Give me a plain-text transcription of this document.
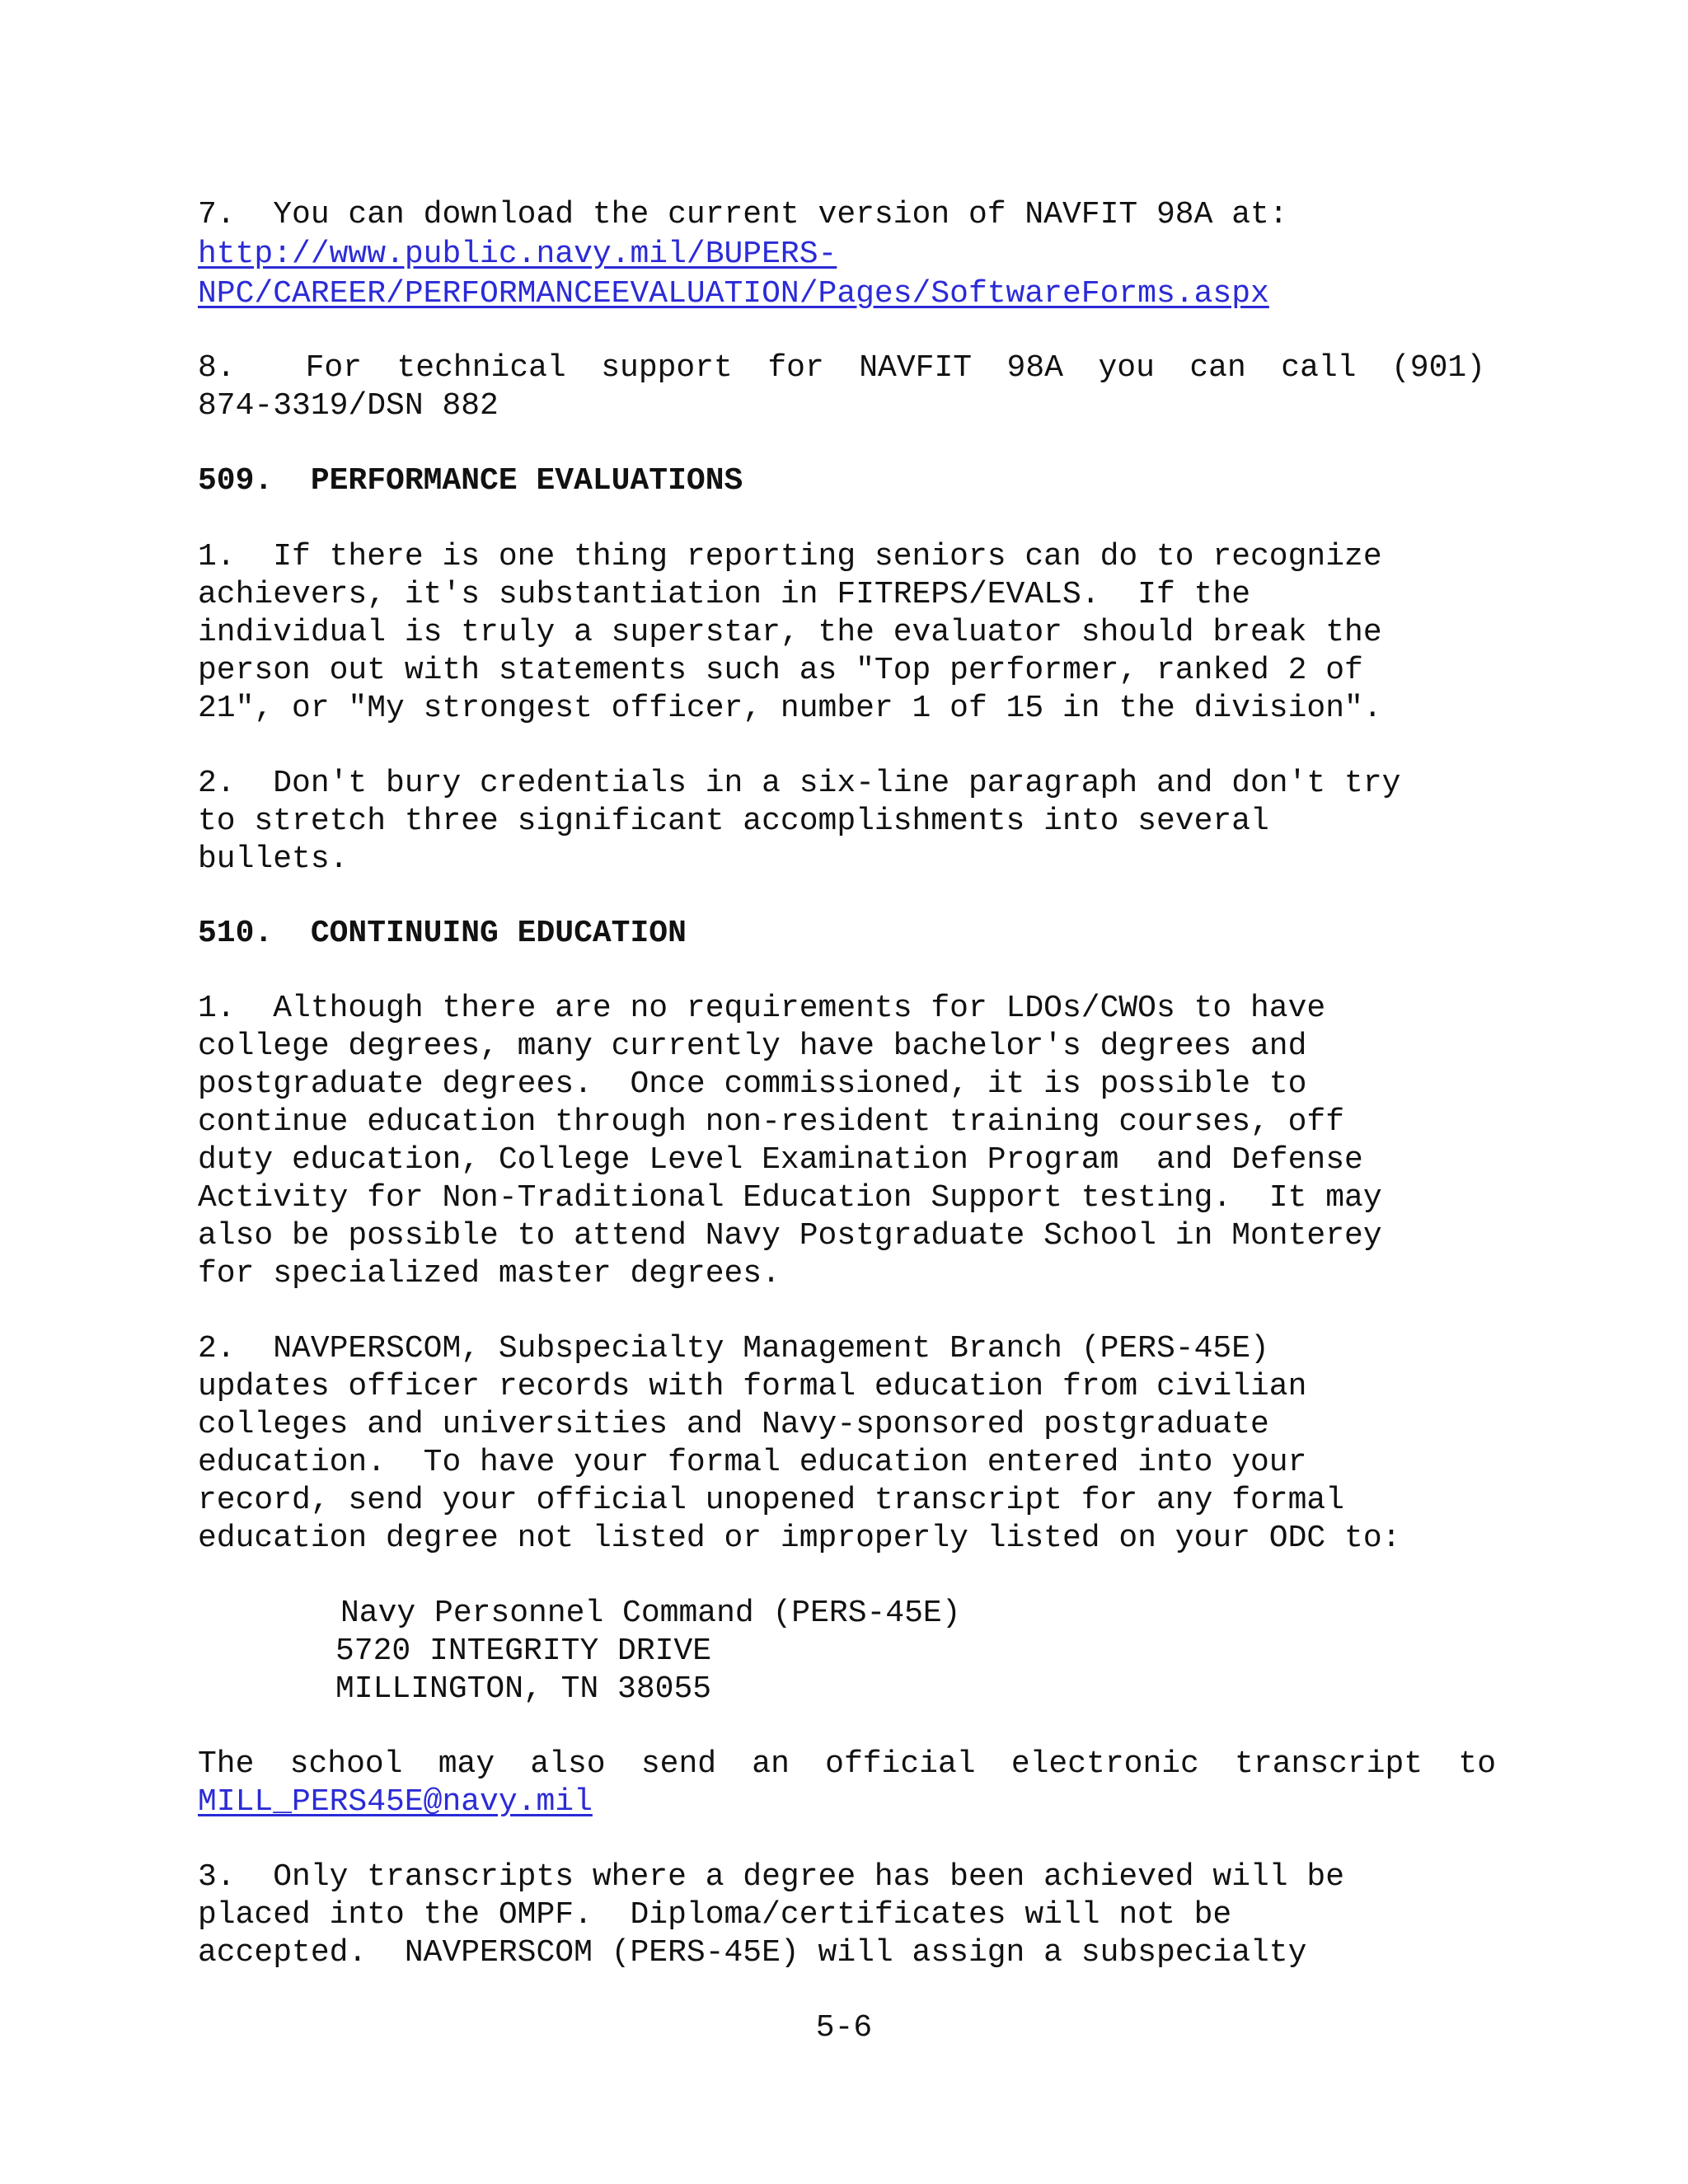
7.  You can download the current version of NAVFIT 98A at:

http://www.public.navy.mil/BUPERS-
NPC/CAREER/PERFORMANCEEVALUATION/Pages/SoftwareForms.aspx

8.  For technical support for NAVFIT 98A you can call (901)

874-3319/DSN 882

509.  PERFORMANCE EVALUATIONS

1.  If there is one thing reporting seniors can do to recognize

achievers, it's substantiation in FITREPS/EVALS.  If the

individual is truly a superstar, the evaluator should break the

person out with statements such as "Top performer, ranked 2 of

21", or "My strongest officer, number 1 of 15 in the division".

2.  Don't bury credentials in a six-line paragraph and don't try

to stretch three significant accomplishments into several

bullets.

510.  CONTINUING EDUCATION

1.  Although there are no requirements for LDOs/CWOs to have

college degrees, many currently have bachelor's degrees and

postgraduate degrees.  Once commissioned, it is possible to

continue education through non-resident training courses, off

duty education, College Level Examination Program  and Defense

Activity for Non-Traditional Education Support testing.  It may

also be possible to attend Navy Postgraduate School in Monterey

for specialized master degrees.

2.  NAVPERSCOM, Subspecialty Management Branch (PERS-45E)

updates officer records with formal education from civilian

colleges and universities and Navy-sponsored postgraduate

education.  To have your formal education entered into your

record, send your official unopened transcript for any formal

education degree not listed or improperly listed on your ODC to:

Navy Personnel Command (PERS-45E)

5720 INTEGRITY DRIVE

MILLINGTON, TN 38055

The school may also send an official electronic transcript to

MILL_PERS45E@navy.mil

3.  Only transcripts where a degree has been achieved will be

placed into the OMPF.  Diploma/certificates will not be

accepted.  NAVPERSCOM (PERS-45E) will assign a subspecialty

5-6
